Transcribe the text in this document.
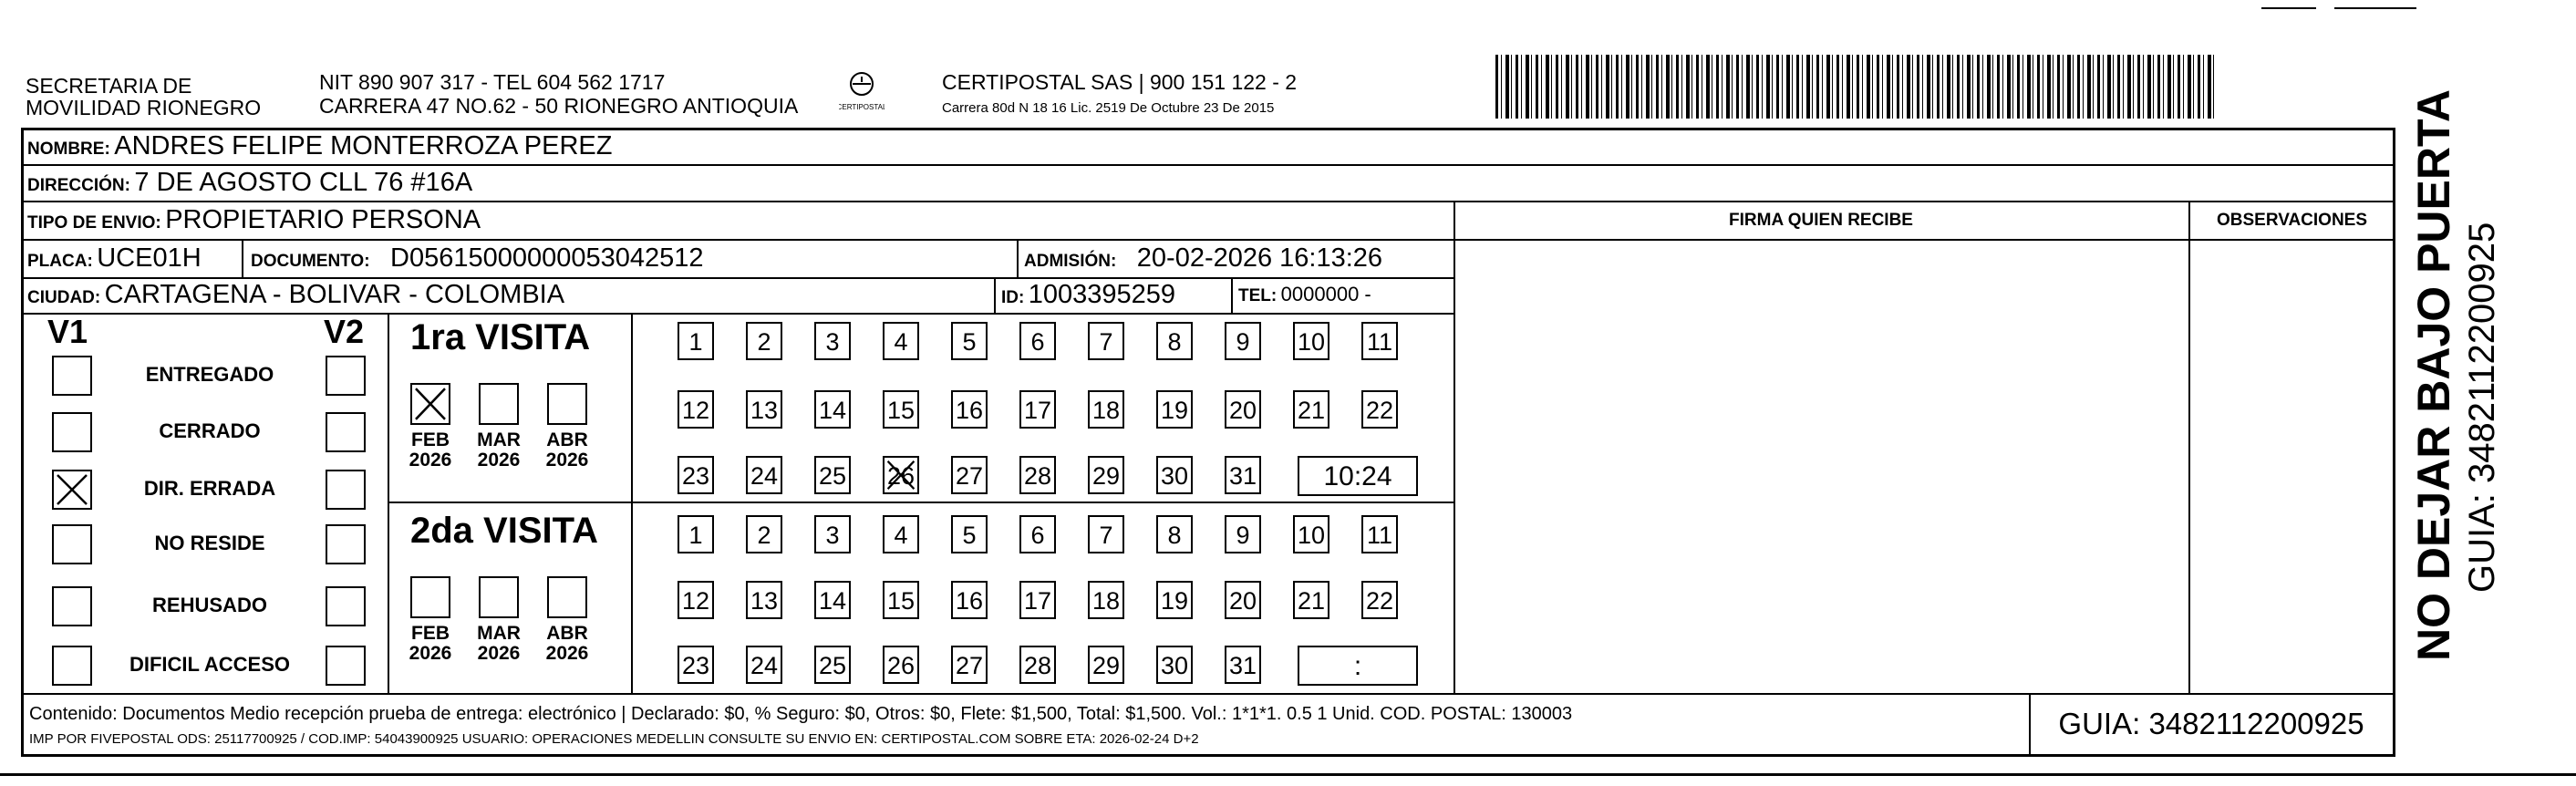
SECRETARIA DE
MOVILIDAD RIONEGRO
NIT 890 907 317 - TEL 604 562 1717
CARRERA 47 NO.62 - 50 RIONEGRO ANTIOQUIA	CERTIPOSTAL
CERTIPOSTAL SAS | 900 151 122 - 2
Carrera 80d N 18 16 Lic. 2519 De Octubre 23 De 2015
NOMBRE: ANDRES FELIPE MONTERROZA PEREZ
DIRECCIÓN: 7 DE AGOSTO CLL 76 #16A
TIPO DE ENVIO: PROPIETARIO PERSONA	FIRMA QUIEN RECIBE	OBSERVACIONES
PLACA: UCE01H	DOCUMENTO: D05615000000053042512	ADMISIÓN: 20-02-2026 16:13:26
CIUDAD: CARTAGENA - BOLIVAR - COLOMBIA	ID: 1003395259	TEL: 0000000 -
V1	V2
ENTREGADO
CERRADO
DIR. ERRADA
NO RESIDE
REHUSADO
DIFICIL ACCESO
1ra VISITA
2da VISITA
FEB
2026
MAR
2026
ABR
2026
FEB
2026
MAR
2026
ABR
2026
1	2	3	4	5	6	7	8	9	10 11
12 13 14 15 16 17 18 19 20 21 22
23 24 25 26 27 28 29 30 31	10:24
1	2	3	4	5	6	7	8	9	10 11
12 13 14 15 16 17 18 19 20 21 22
23 24 25 26 27 28 29 30 31	:
Contenido: Documentos Medio recepción prueba de entrega: electrónico | Declarado: $0, % Seguro: $0, Otros: $0, Flete: $1,500, Total: $1,500. Vol.: 1*1*1. 0.5 1 Unid. COD. POSTAL: 130003
IMP POR FIVEPOSTAL ODS: 25117700925 / COD.IMP: 54043900925 USUARIO: OPERACIONES MEDELLIN CONSULTE SU ENVIO EN: CERTIPOSTAL.COM SOBRE ETA: 2026-02-24 D+2	GUIA: 3482112200925
NO DEJAR BAJO PUERTA GUIA: 3482112200925
